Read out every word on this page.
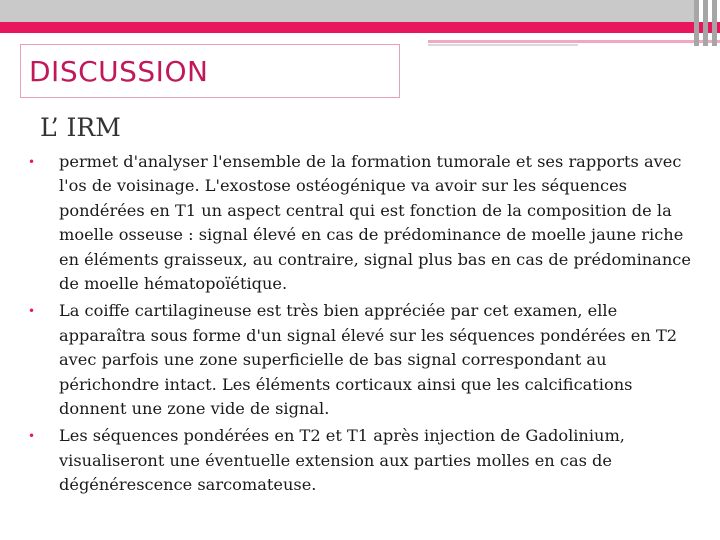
DISCUSSION
L’ IRM
• permet d'analyser l'ensemble de la formation tumorale et ses rapports avec l'os de voisinage. L'exostose ostéogénique va avoir sur les séquences pondérées en T1 un aspect central qui est fonction de la composition de la moelle osseuse : signal élevé en cas de prédominance de moelle jaune riche en éléments graisseux, au contraire, signal plus bas en cas de prédominance de moelle hématopoïétique.
• La coiffe cartilagineuse est très bien appréciée par cet examen, elle apparaîtra sous forme d'un signal élevé sur les séquences pondérées en T2 avec parfois une zone superficielle de bas signal correspondant au périchondre intact. Les éléments corticaux ainsi que les calcifications donnent une zone vide de signal.
• Les séquences pondérées en T2 et T1 après injection de Gadolinium, visualiseront une éventuelle extension aux parties molles en cas de dégénérescence sarcomateuse.
